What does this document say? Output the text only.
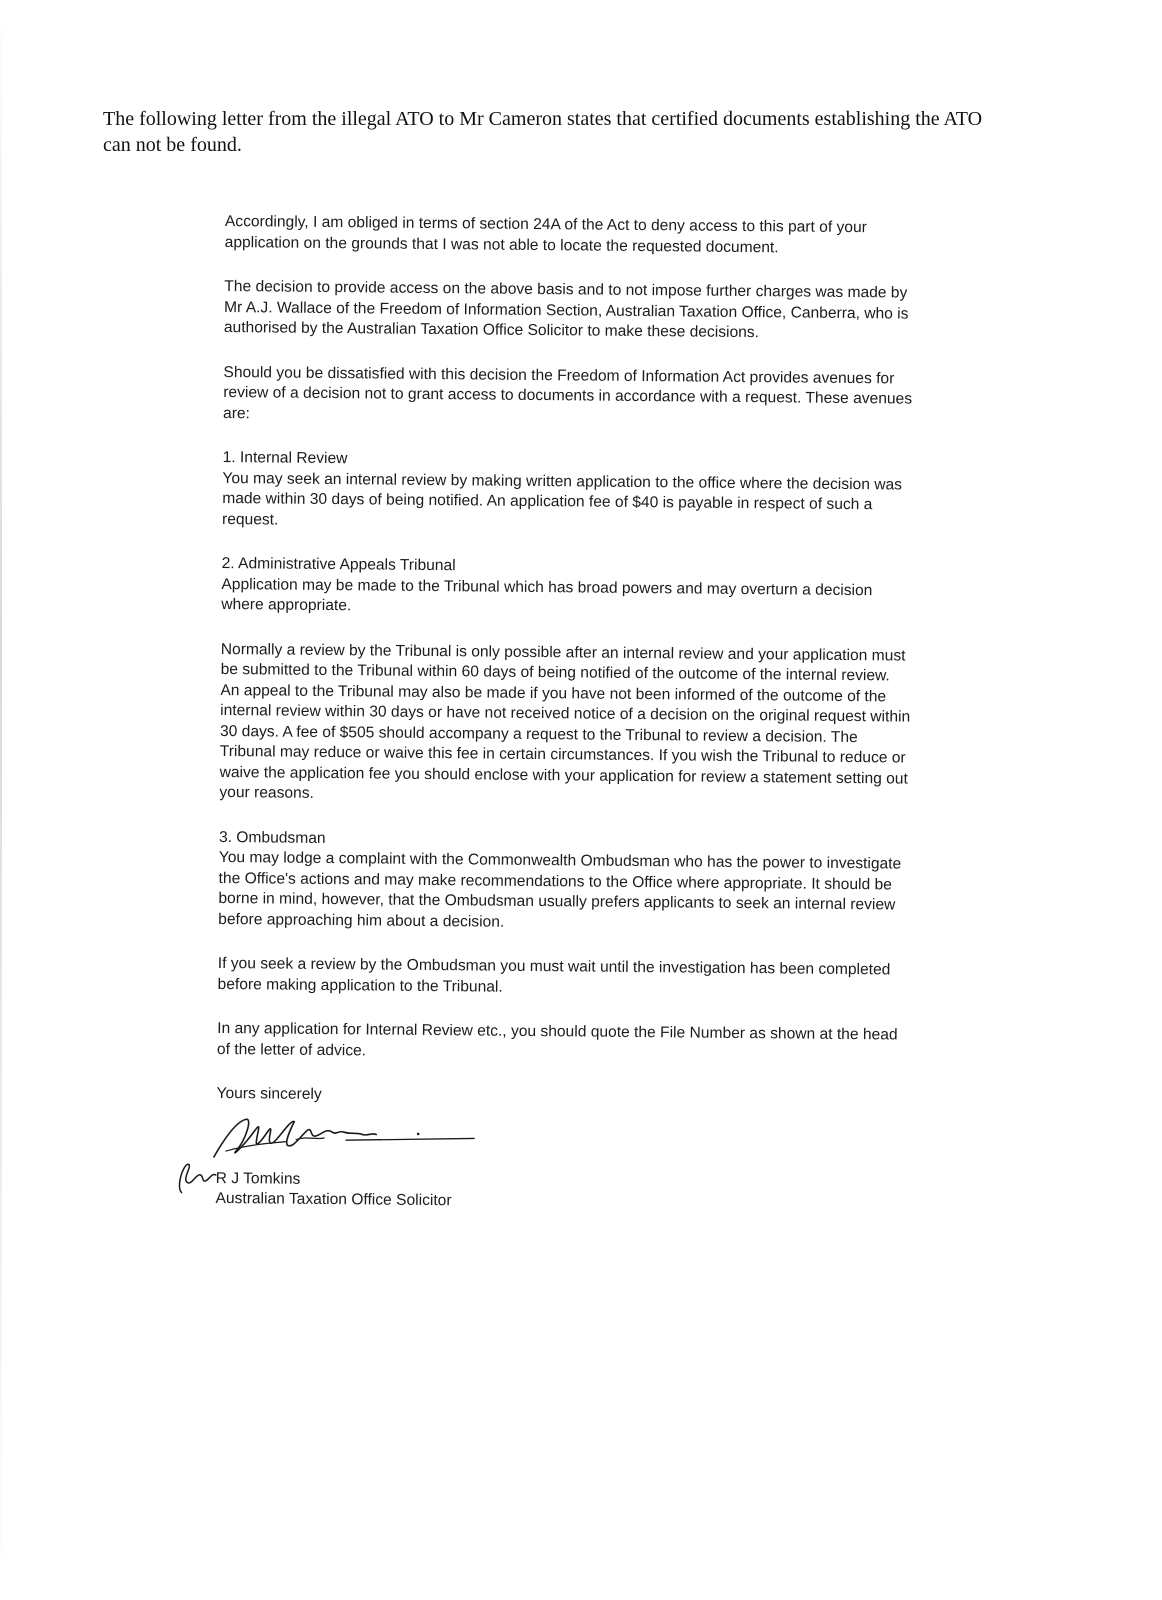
The following letter from the illegal ATO to Mr Cameron states that certified documents establishing the ATO can not be found.

Accordingly, I am obliged in terms of section 24A of the Act to deny access to this part of your application on the grounds that I was not able to locate the requested document.

The decision to provide access on the above basis and to not impose further charges was made by Mr A.J. Wallace of the Freedom of Information Section, Australian Taxation Office, Canberra, who is authorised by the Australian Taxation Office Solicitor to make these decisions.

Should you be dissatisfied with this decision the Freedom of Information Act provides avenues for review of a decision not to grant access to documents in accordance with a request. These avenues are:

1. Internal Review

You may seek an internal review by making written application to the office where the decision was made within 30 days of being notified. An application fee of $40 is payable in respect of such a request.

2. Administrative Appeals Tribunal

Application may be made to the Tribunal which has broad powers and may overturn a decision where appropriate.

Normally a review by the Tribunal is only possible after an internal review and your application must be submitted to the Tribunal within 60 days of being notified of the outcome of the internal review. An appeal to the Tribunal may also be made if you have not been informed of the outcome of the internal review within 30 days or have not received notice of a decision on the original request within 30 days. A fee of $505 should accompany a request to the Tribunal to review a decision. The Tribunal may reduce or waive this fee in certain circumstances. If you wish the Tribunal to reduce or waive the application fee you should enclose with your application for review a statement setting out your reasons.

3. Ombudsman

You may lodge a complaint with the Commonwealth Ombudsman who has the power to investigate the Office's actions and may make recommendations to the Office where appropriate. It should be borne in mind, however, that the Ombudsman usually prefers applicants to seek an internal review before approaching him about a decision.

If you seek a review by the Ombudsman you must wait until the investigation has been completed before making application to the Tribunal.

In any application for Internal Review etc., you should quote the File Number as shown at the head of the letter of advice.

Yours sincerely

R J Tomkins
Australian Taxation Office Solicitor
